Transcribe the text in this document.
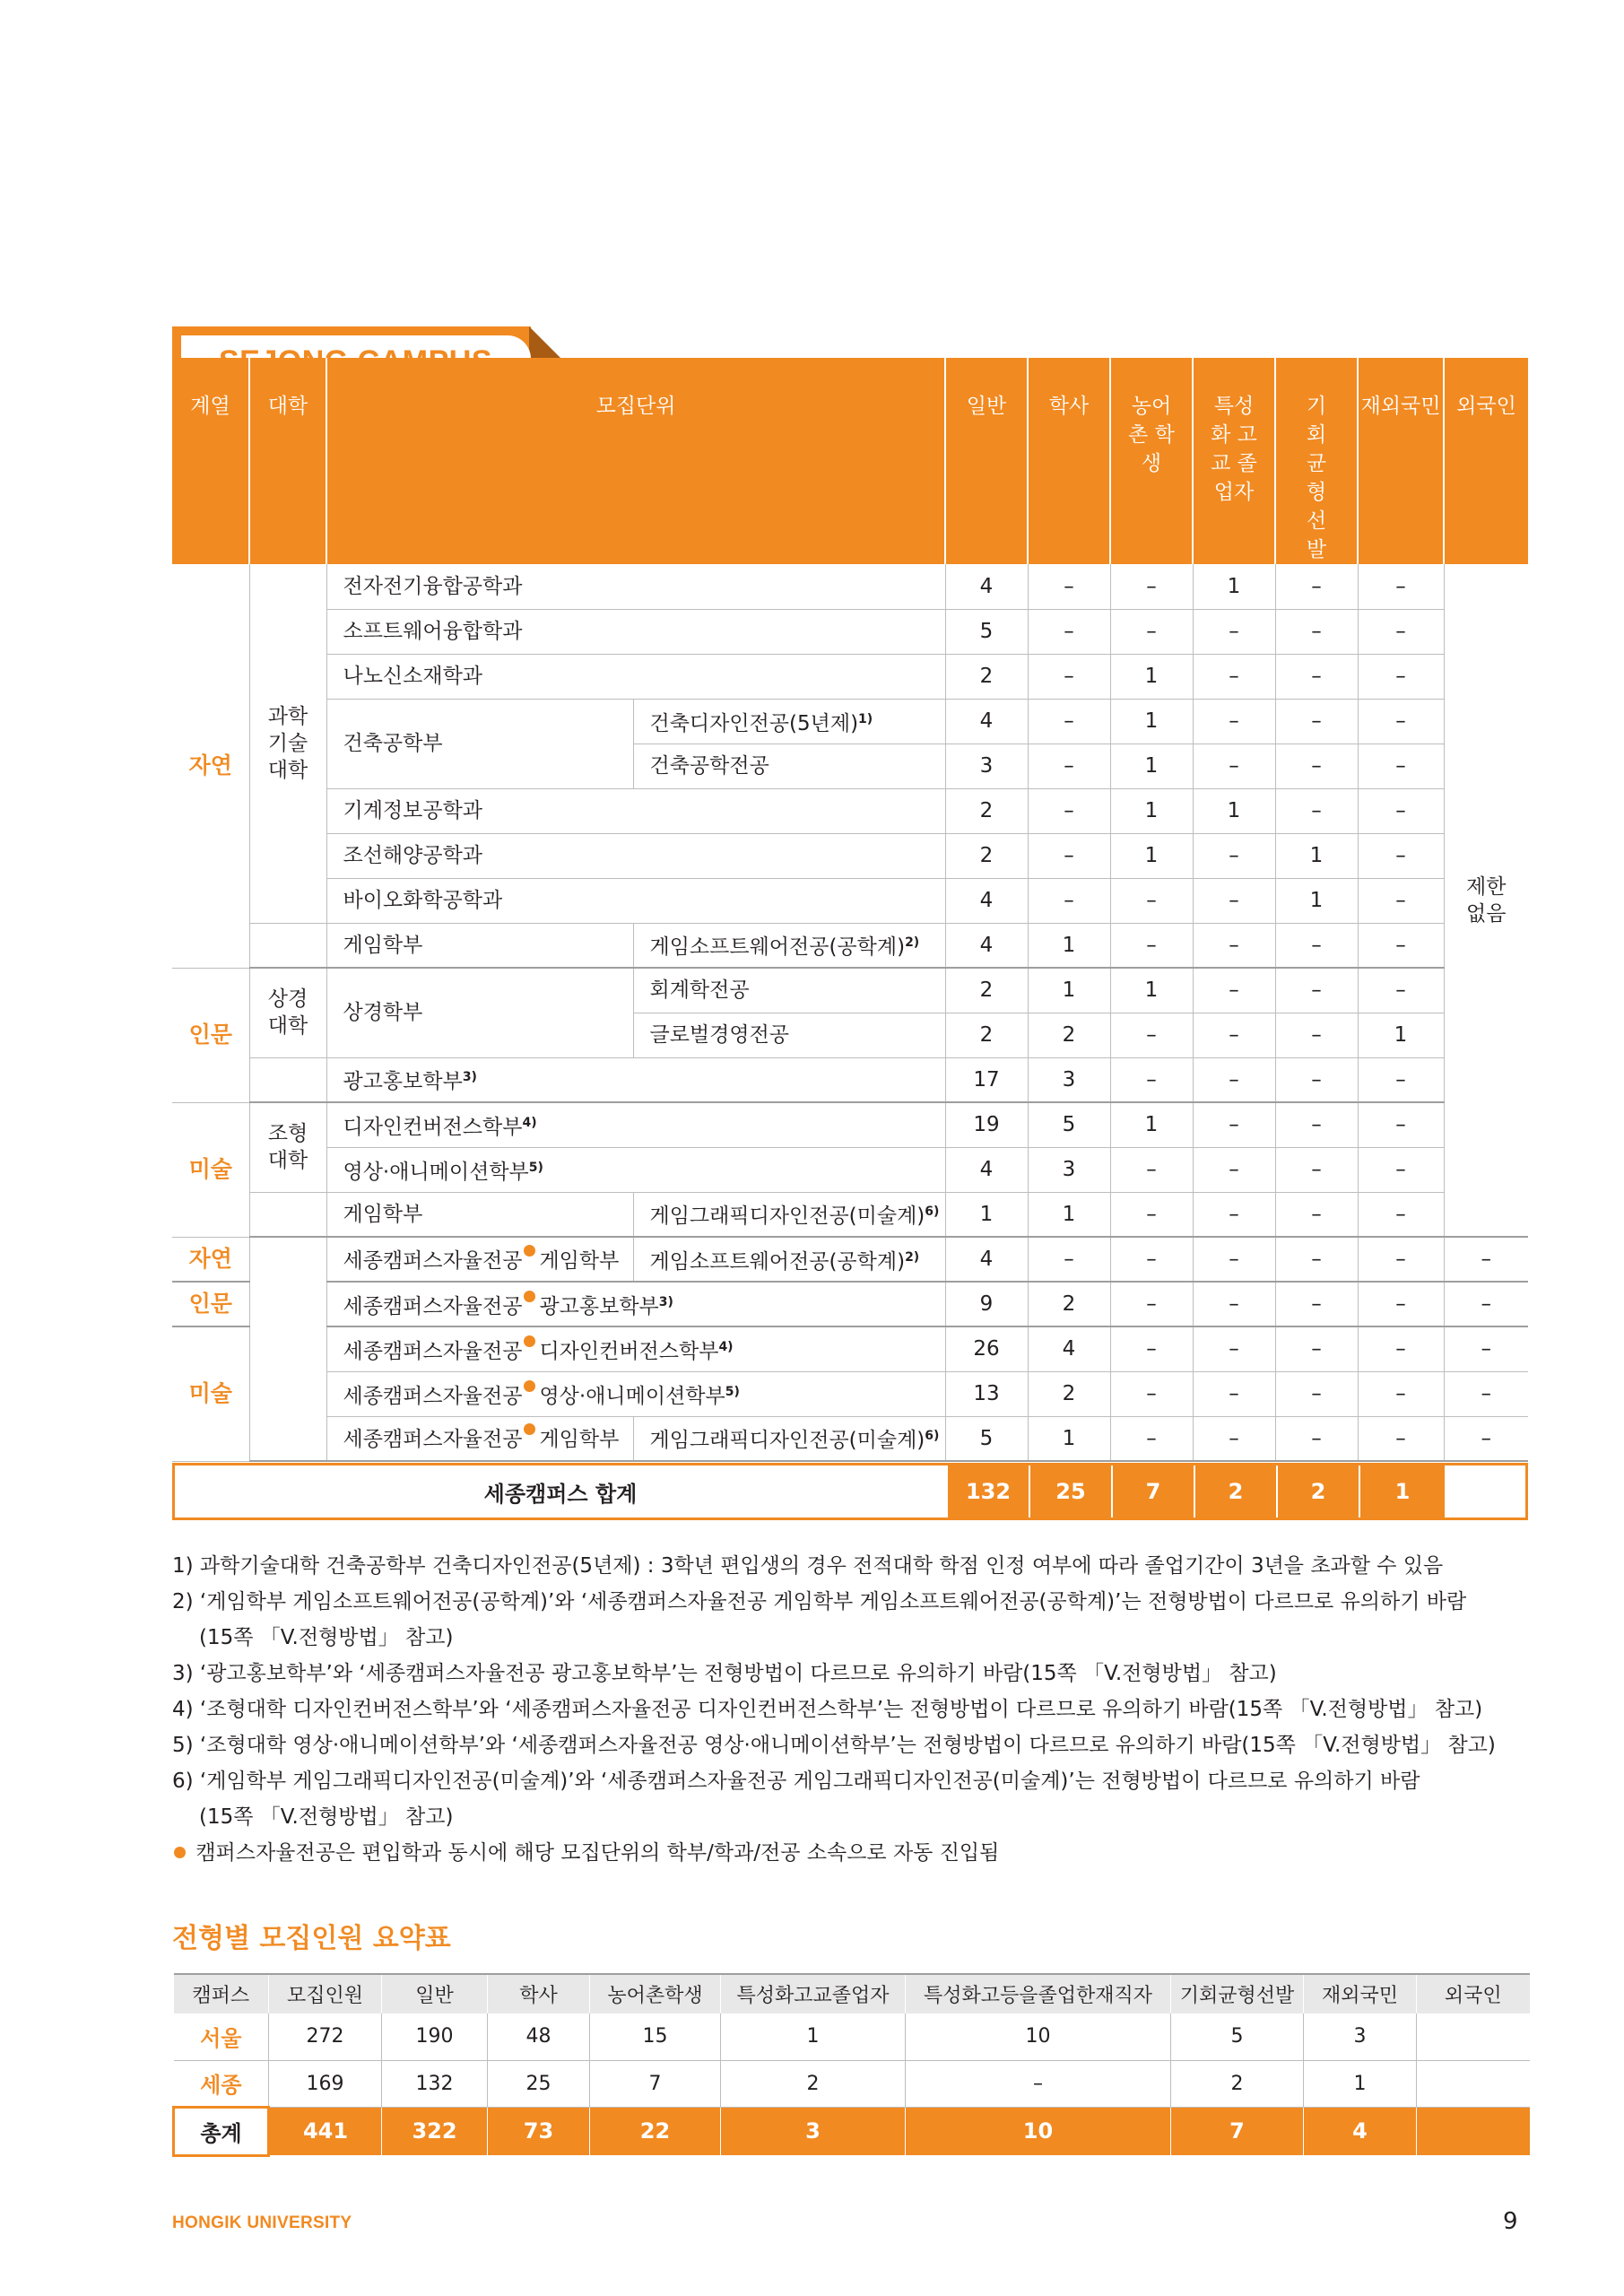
계열	대학	모집단위		일반	학사	농어촌 학생	특성화 고교 졸업자	기회 균형 선발	재외국민	외국인
자연	과학 기술 대학	전자전기융합공학과		4	–	–	1	–	–	제한 없음
		소프트웨어융합학과		5	–	–	–	–	–	
		나노신소재학과		2	–	1	–	–	–	
		건축공학부	건축디자인전공(5년제)$^{1)}$	4	–	1	–	–	–	
			건축공학전공	3	–	1	–	–	–	
		기계정보공학과		2	–	1	1	–	–	
		조선해양공학과		2	–	1	–	1	–	
		바이오화학공학과		4	–	–	–	1	–	
		게임학부	게임소프트웨어전공(공학계)$^{2)}$	4	1	–	–	–	–	
인문	상경 대학	상경학부	회계학전공	2	1	1	–	–	–	
			글로벌경영전공	2	2	–	–	–	1	
		광고홍보학부$^{3)}$		17	3	–	–	–	–	
미술	조형 대학	디자인컨버전스학부$^{4)}$		19	5	1	–	–	–	
		영상·애니메이션학부$^{5)}$		4	3	–	–	–	–	
		게임학부	게임그래픽디자인전공(미술계)$^{6)}$	1	1	–	–	–	–	
자연		세종캠퍼스자율전공 게임학부	게임소프트웨어전공(공학계)$^{2)}$	4	–	–	–	–	–	–
인문		세종캠퍼스자율전공 광고홍보학부$^{3)}$		9	2	–	–	–	–	–
미술		세종캠퍼스자율전공 디자인컨버전스학부$^{4)}$		26	4	–	–	–	–	–
		세종캠퍼스자율전공 영상·애니메이션학부$^{5)}$		13	2	–	–	–	–	–
		세종캠퍼스자율전공 게임학부	게임그래픽디자인전공(미술계)$^{6)}$	5	1	–	–	–	–	–
세종캠퍼스 합계	132	25	7	2	2	1
1) 과학기술대학 건축공학부 건축디자인전공(5년제) : 3학년 편입생의 경우 전적대학 학점 인정 여부에 따라 졸업기간이 3년을 초과할 수 있음
2) ‘게임학부 게임소프트웨어전공(공학계)’와 ‘세종캠퍼스자율전공 게임학부 게임소프트웨어전공(공학계)’는 전형방법이 다르므로 유의하기 바람
(15쪽 「V.전형방법」 참고)
3) ‘광고홍보학부’와 ‘세종캠퍼스자율전공 광고홍보학부’는 전형방법이 다르므로 유의하기 바람(15쪽 「V.전형방법」 참고)
4) ‘조형대학 디자인컨버전스학부’와 ‘세종캠퍼스자율전공 디자인컨버전스학부’는 전형방법이 다르므로 유의하기 바람(15쪽 「V.전형방법」 참고)
5) ‘조형대학 영상·애니메이션학부’와 ‘세종캠퍼스자율전공 영상·애니메이션학부’는 전형방법이 다르므로 유의하기 바람(15쪽 「V.전형방법」 참고)
6) ‘게임학부 게임그래픽디자인전공(미술계)’와 ‘세종캠퍼스자율전공 게임그래픽디자인전공(미술계)’는 전형방법이 다르므로 유의하기 바람
(15쪽 「V.전형방법」 참고)
캠퍼스자율전공은 편입학과 동시에 해당 모집단위의 학부/학과/전공 소속으로 자동 진입됨
전형별 모집인원 요약표
캠퍼스	모집인원	일반	학사	농어촌학생	특성화고교졸업자	특성화고등을졸업한재직자	기회균형선발	재외국민	외국인
서울	272	190	48	15	1	10	5	3	
세종	169	132	25	7	2	–	2	1	
총계	441	322	73	22	3	10	7	4	
HONGIK UNIVERSITY	9
